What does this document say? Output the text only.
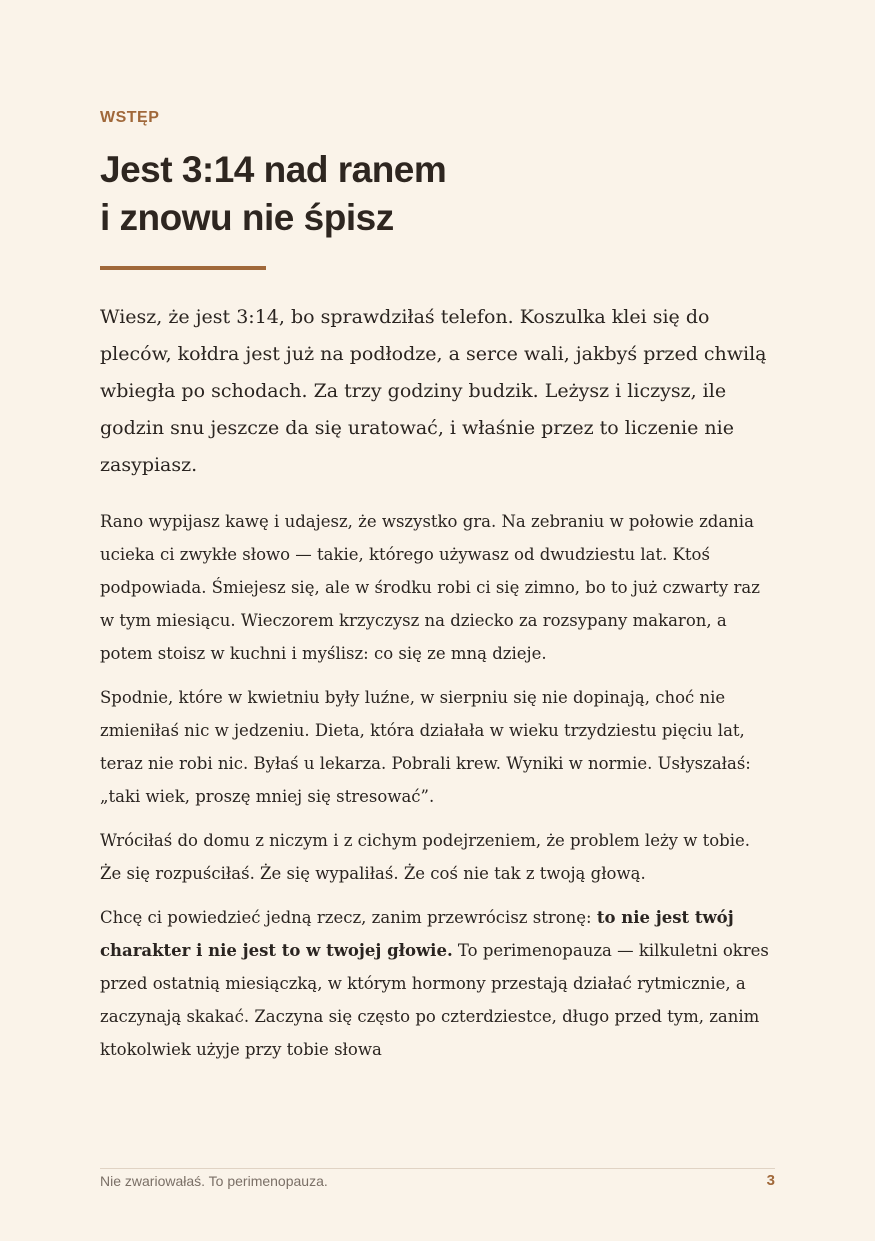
WSTĘP
Jest 3:14 nad ranem
i znowu nie śpisz

Wiesz, że jest 3:14, bo sprawdziłaś telefon. Koszulka klei się do pleców, kołdra jest już na podłodze, a serce wali, jakbyś przed chwilą wbiegła po schodach. Za trzy godziny budzik. Leżysz i liczysz, ile godzin snu jeszcze da się uratować, i właśnie przez to liczenie nie zasypiasz.

Rano wypijasz kawę i udajesz, że wszystko gra. Na zebraniu w połowie zdania ucieka ci zwykłe słowo — takie, którego używasz od dwudziestu lat. Ktoś podpowiada. Śmiejesz się, ale w środku robi ci się zimno, bo to już czwarty raz w tym miesiącu. Wieczorem krzyczysz na dziecko za rozsypany makaron, a potem stoisz w kuchni i myślisz: co się ze mną dzieje.

Spodnie, które w kwietniu były luźne, w sierpniu się nie dopinają, choć nie zmieniłaś nic w jedzeniu. Dieta, która działała w wieku trzydziestu pięciu lat, teraz nie robi nic. Byłaś u lekarza. Pobrali krew. Wyniki w normie. Usłyszałaś: „taki wiek, proszę mniej się stresować”.

Wróciłaś do domu z niczym i z cichym podejrzeniem, że problem leży w tobie. Że się rozpuściłaś. Że się wypaliłaś. Że coś nie tak z twoją głową.

Chcę ci powiedzieć jedną rzecz, zanim przewrócisz stronę: to nie jest twój charakter i nie jest to w twojej głowie. To perimenopauza — kilkuletni okres przed ostatnią miesiączką, w którym hormony przestają działać rytmicznie, a zaczynają skakać. Zaczyna się często po czterdziestce, długo przed tym, zanim ktokolwiek użyje przy tobie słowa

Nie zwariowałaś. To perimenopauza.	3
